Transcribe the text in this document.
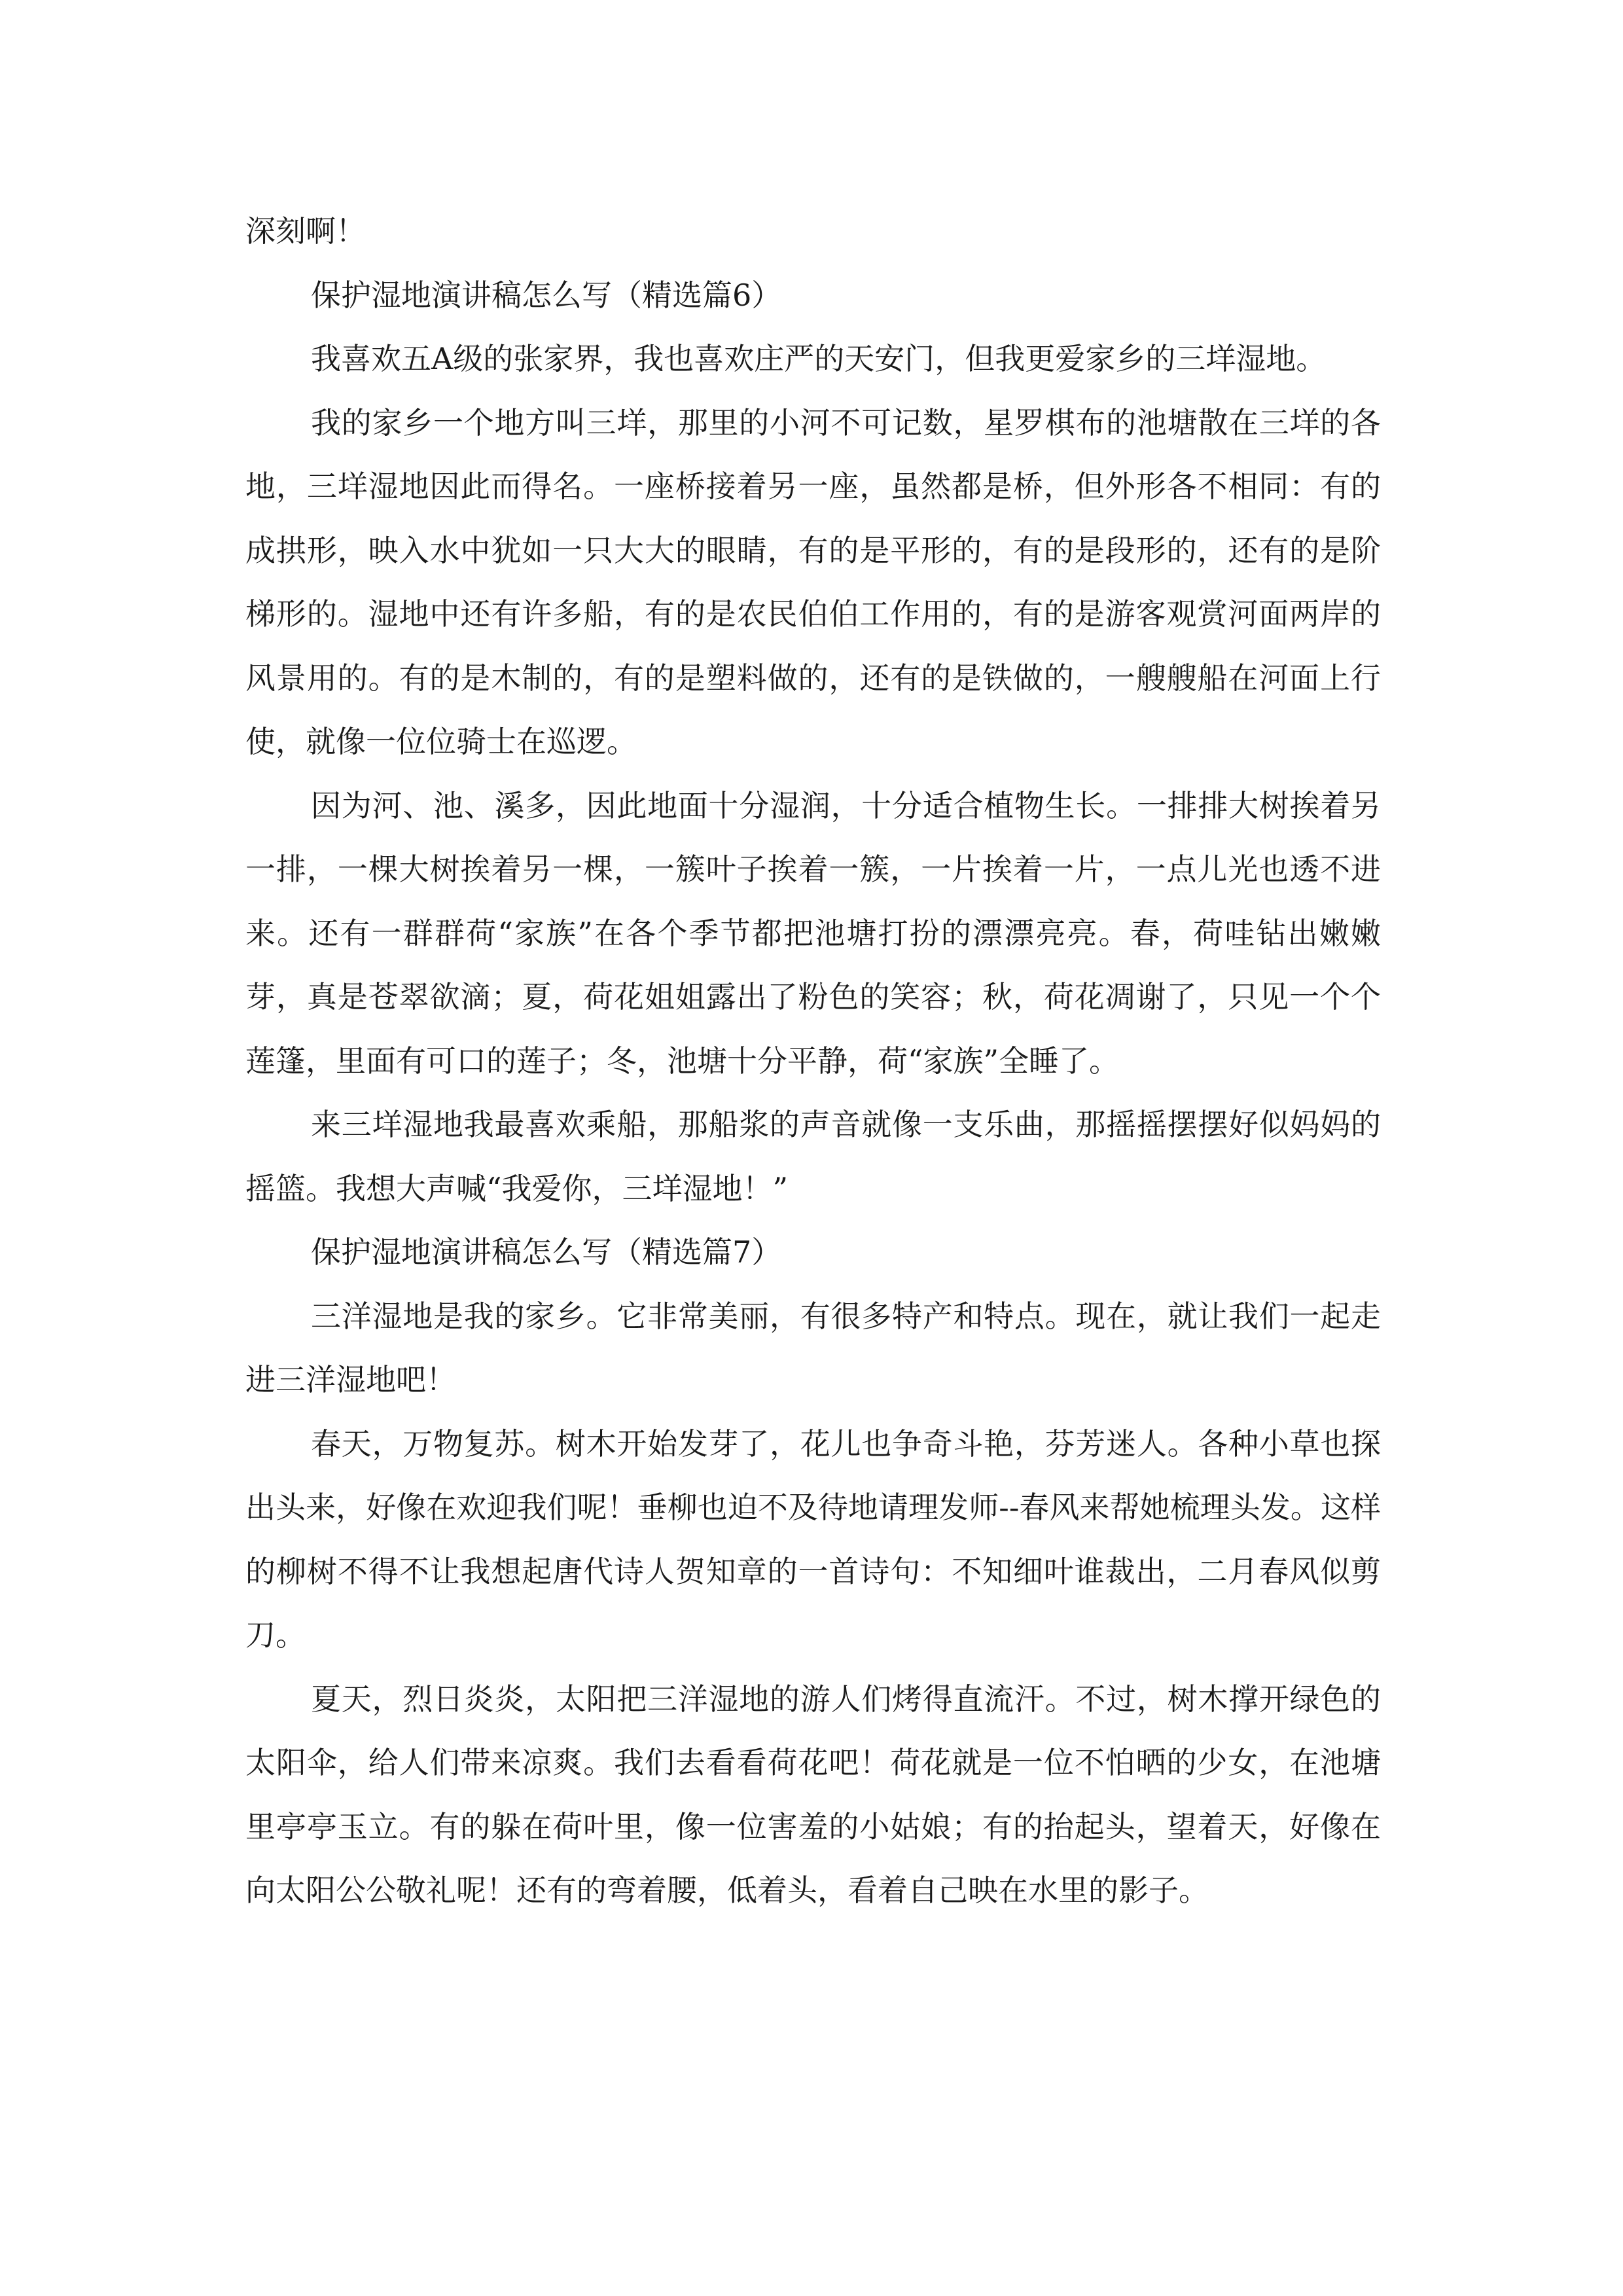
深刻啊！

保护湿地演讲稿怎么写（精选篇6）

我喜欢五A级的张家界，我也喜欢庄严的天安门，但我更爱家乡的三垟湿地。

我的家乡一个地方叫三垟，那里的小河不可记数，星罗棋布的池塘散在三垟的各地，三垟湿地因此而得名。一座桥接着另一座，虽然都是桥，但外形各不相同：有的成拱形，映入水中犹如一只大大的眼睛，有的是平形的，有的是段形的，还有的是阶梯形的。湿地中还有许多船，有的是农民伯伯工作用的，有的是游客观赏河面两岸的风景用的。有的是木制的，有的是塑料做的，还有的是铁做的，一艘艘船在河面上行使，就像一位位骑士在巡逻。

因为河、池、溪多，因此地面十分湿润，十分适合植物生长。一排排大树挨着另一排，一棵大树挨着另一棵，一簇叶子挨着一簇，一片挨着一片，一点儿光也透不进来。还有一群群荷“家族”在各个季节都把池塘打扮的漂漂亮亮。春，荷哇钻出嫩嫩芽，真是苍翠欲滴；夏，荷花姐姐露出了粉色的笑容；秋，荷花凋谢了，只见一个个莲篷，里面有可口的莲子；冬，池塘十分平静，荷“家族”全睡了。

来三垟湿地我最喜欢乘船，那船浆的声音就像一支乐曲，那摇摇摆摆好似妈妈的摇篮。我想大声喊“我爱你，三垟湿地！”

保护湿地演讲稿怎么写（精选篇7）

三洋湿地是我的家乡。它非常美丽，有很多特产和特点。现在，就让我们一起走进三洋湿地吧！

春天，万物复苏。树木开始发芽了，花儿也争奇斗艳，芬芳迷人。各种小草也探出头来，好像在欢迎我们呢！垂柳也迫不及待地请理发师--春风来帮她梳理头发。这样的柳树不得不让我想起唐代诗人贺知章的一首诗句：不知细叶谁裁出，二月春风似剪刀。

夏天，烈日炎炎，太阳把三洋湿地的游人们烤得直流汗。不过，树木撑开绿色的太阳伞，给人们带来凉爽。我们去看看荷花吧！荷花就是一位不怕晒的少女，在池塘里亭亭玉立。有的躲在荷叶里，像一位害羞的小姑娘；有的抬起头，望着天，好像在向太阳公公敬礼呢！还有的弯着腰，低着头，看着自己映在水里的影子。
